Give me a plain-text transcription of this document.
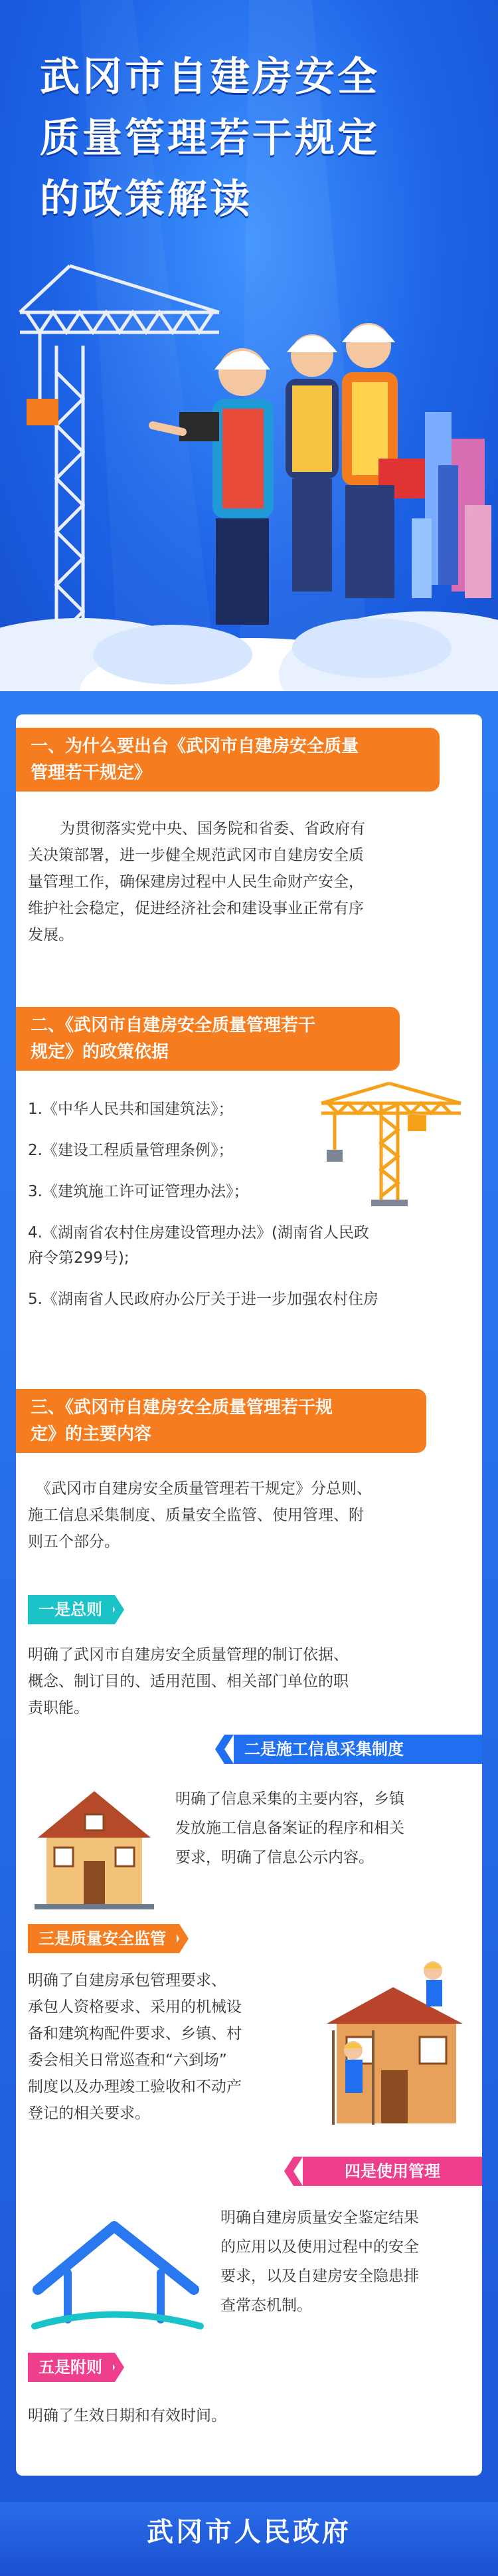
武冈市自建房安全
质量管理若干规定
的政策解读
一、为什么要出台《武冈市自建房安全质量
管理若干规定》
为贯彻落实党中央、国务院和省委、省政府有
关决策部署，进一步健全规范武冈市自建房安全质
量管理工作，确保建房过程中人民生命财产安全，
维护社会稳定，促进经济社会和建设事业正常有序
发展。
二、《武冈市自建房安全质量管理若干
规定》的政策依据
1.《中华人民共和国建筑法》；
2.《建设工程质量管理条例》；
3.《建筑施工许可证管理办法》；
4.《湖南省农村住房建设管理办法》(湖南省人民政
府令第299号);
5.《湖南省人民政府办公厅关于进一步加强农村住房
三、《武冈市自建房安全质量管理若干规
定》的主要内容
《武冈市自建房安全质量管理若干规定》分总则、
施工信息采集制度、质量安全监管、使用管理、附
则五个部分。
一是总则
明确了武冈市自建房安全质量管理的制订依据、
概念、制订目的、适用范围、相关部门单位的职
责职能。
二是施工信息采集制度
明确了信息采集的主要内容，乡镇
发放施工信息备案证的程序和相关
要求，明确了信息公示内容。
三是质量安全监管
明确了自建房承包管理要求、
承包人资格要求、采用的机械设
备和建筑构配件要求、乡镇、村
委会相关日常巡查和“六到场”
制度以及办理竣工验收和不动产
登记的相关要求。
四是使用管理
明确自建房质量安全鉴定结果
的应用以及使用过程中的安全
要求，以及自建房安全隐患排
查常态机制。
五是附则
明确了生效日期和有效时间。
武冈市人民政府
